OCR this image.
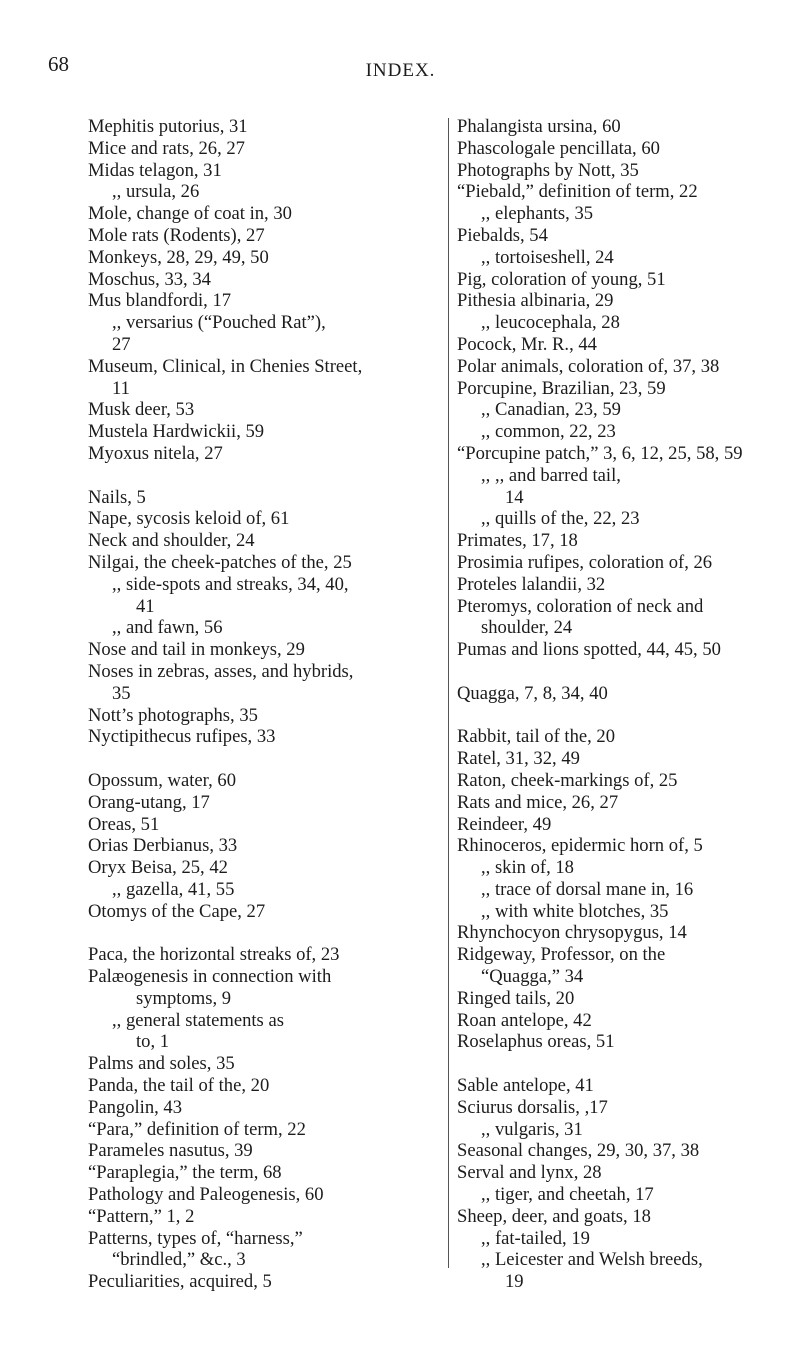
68	INDEX.
Mephitis putorius, 31
Mice and rats, 26, 27
Midas telagon, 31
,, ursula, 26
Mole, change of coat in, 30
Mole rats (Rodents), 27
Monkeys, 28, 29, 49, 50
Moschus, 33, 34
Mus blandfordi, 17
,, versarius (“Pouched Rat”),
27
Museum, Clinical, in Chenies Street,
11
Musk deer, 53
Mustela Hardwickii, 59
Myoxus nitela, 27
Nails, 5
Nape, sycosis keloid of, 61
Neck and shoulder, 24
Nilgai, the cheek-patches of the, 25
,, side-spots and streaks, 34, 40,
41
,, and fawn, 56
Nose and tail in monkeys, 29
Noses in zebras, asses, and hybrids,
35
Nott’s photographs, 35
Nyctipithecus rufipes, 33
Opossum, water, 60
Orang-utang, 17
Oreas, 51
Orias Derbianus, 33
Oryx Beisa, 25, 42
,, gazella, 41, 55
Otomys of the Cape, 27
Paca, the horizontal streaks of, 23
Palæogenesis in connection with
symptoms, 9
,, general statements as
to, 1
Palms and soles, 35
Panda, the tail of the, 20
Pangolin, 43
“Para,” definition of term, 22
Parameles nasutus, 39
“Paraplegia,” the term, 68
Pathology and Paleogenesis, 60
“Pattern,” 1, 2
Patterns, types of, “harness,”
“brindled,” &c., 3
Peculiarities, acquired, 5
Phalangista ursina, 60
Phascologale pencillata, 60
Photographs by Nott, 35
“Piebald,” definition of term, 22
,, elephants, 35
Piebalds, 54
,, tortoiseshell, 24
Pig, coloration of young, 51
Pithesia albinaria, 29
,, leucocephala, 28
Pocock, Mr. R., 44
Polar animals, coloration of, 37, 38
Porcupine, Brazilian, 23, 59
,, Canadian, 23, 59
,, common, 22, 23
“Porcupine patch,” 3, 6, 12, 25, 58, 59
,, ,, and barred tail,
14
,, quills of the, 22, 23
Primates, 17, 18
Prosimia rufipes, coloration of, 26
Proteles lalandii, 32
Pteromys, coloration of neck and
shoulder, 24
Pumas and lions spotted, 44, 45, 50
Quagga, 7, 8, 34, 40
Rabbit, tail of the, 20
Ratel, 31, 32, 49
Raton, cheek-markings of, 25
Rats and mice, 26, 27
Reindeer, 49
Rhinoceros, epidermic horn of, 5
,, skin of, 18
,, trace of dorsal mane in, 16
,, with white blotches, 35
Rhynchocyon chrysopygus, 14
Ridgeway, Professor, on the
“Quagga,” 34
Ringed tails, 20
Roan antelope, 42
Roselaphus oreas, 51
Sable antelope, 41
Sciurus dorsalis, ,17
,, vulgaris, 31
Seasonal changes, 29, 30, 37, 38
Serval and lynx, 28
,, tiger, and cheetah, 17
Sheep, deer, and goats, 18
,, fat-tailed, 19
,, Leicester and Welsh breeds,
19
